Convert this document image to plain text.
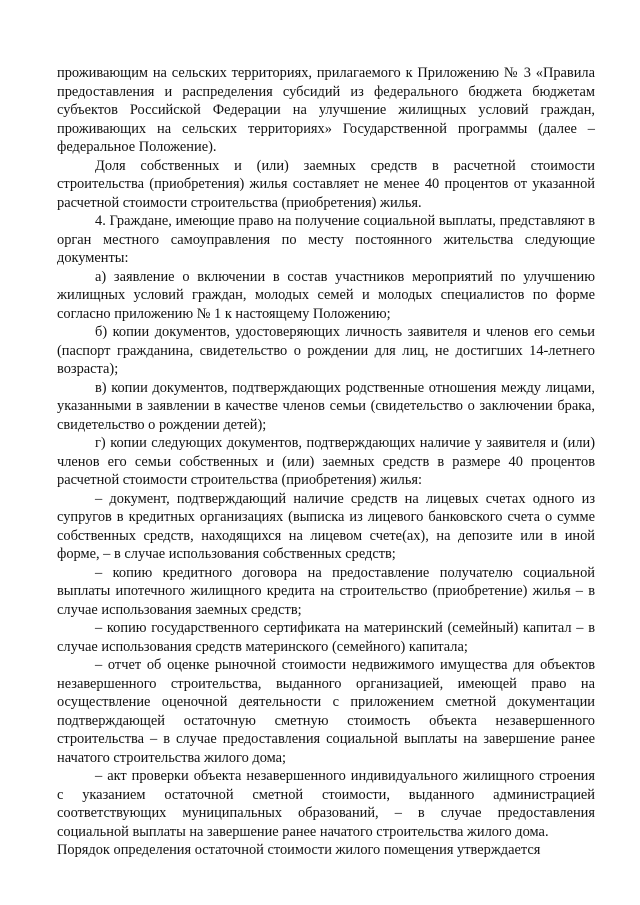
проживающим на сельских территориях, прилагаемого к Приложению № 3 «Правила предоставления и распределения субсидий из федерального бюджета бюджетам субъектов Российской Федерации на улучшение жилищных условий граждан, проживающих на сельских территориях» Государственной программы (далее – федеральное Положение).

Доля собственных и (или) заемных средств в расчетной стоимости строительства (приобретения) жилья составляет не менее 40 процентов от указанной расчетной стоимости строительства (приобретения) жилья.

4. Граждане, имеющие право на получение социальной выплаты, представляют в орган местного самоуправления по месту постоянного жительства следующие документы:

а) заявление о включении в состав участников мероприятий по улучшению жилищных условий граждан, молодых семей и молодых специалистов по форме согласно приложению № 1 к настоящему Положению;

б) копии документов, удостоверяющих личность заявителя и членов его семьи (паспорт гражданина, свидетельство о рождении для лиц, не достигших 14-летнего возраста);

в) копии документов, подтверждающих родственные отношения между лицами, указанными в заявлении в качестве членов семьи (свидетельство о заключении брака, свидетельство о рождении детей);

г) копии следующих документов, подтверждающих наличие у заявителя и (или) членов его семьи собственных и (или) заемных средств в размере 40 процентов расчетной стоимости строительства (приобретения) жилья:

– документ, подтверждающий наличие средств на лицевых счетах одного из супругов в кредитных организациях (выписка из лицевого банковского счета о сумме собственных средств, находящихся на лицевом счете(ах), на депозите или в иной форме, – в случае использования собственных средств;

– копию кредитного договора на предоставление получателю социальной выплаты ипотечного жилищного кредита на строительство (приобретение) жилья – в случае использования заемных средств;

– копию государственного сертификата на материнский (семейный) капитал – в случае использования средств материнского (семейного) капитала;

– отчет об оценке рыночной стоимости недвижимого имущества для объектов незавершенного строительства, выданного организацией, имеющей право на осуществление оценочной деятельности с приложением сметной документации подтверждающей остаточную сметную стоимость объекта незавершенного строительства – в случае предоставления социальной выплаты на завершение ранее начатого строительства жилого дома;

– акт проверки объекта незавершенного индивидуального жилищного строения с указанием остаточной сметной стоимости, выданного администрацией соответствующих муниципальных образований, – в случае предоставления социальной выплаты на завершение ранее начатого строительства жилого дома.

Порядок определения остаточной стоимости жилого помещения утверждается
